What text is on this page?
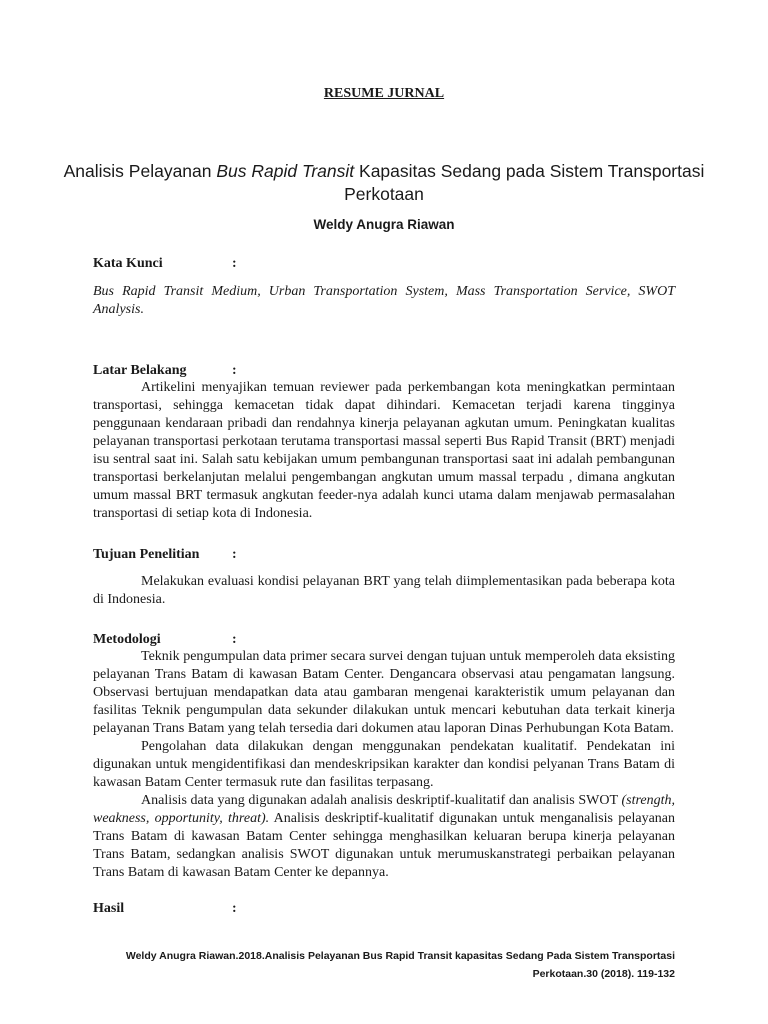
RESUME JURNAL
Analisis Pelayanan Bus Rapid Transit Kapasitas Sedang pada Sistem Transportasi Perkotaan
Weldy Anugra Riawan
Kata Kunci	:

Bus Rapid Transit Medium, Urban Transportation System, Mass Transportation Service, SWOT Analysis.

Latar Belakang	:

Artikelini menyajikan temuan reviewer pada perkembangan kota meningkatkan permintaan transportasi, sehingga kemacetan tidak dapat dihindari. Kemacetan terjadi karena tingginya penggunaan kendaraan pribadi dan rendahnya kinerja pelayanan agkutan umum. Peningkatan kualitas pelayanan transportasi perkotaan terutama transportasi massal seperti Bus Rapid Transit (BRT) menjadi isu sentral saat ini. Salah satu kebijakan umum pembangunan transportasi saat ini adalah pembangunan transportasi berkelanjutan melalui pengembangan angkutan umum massal terpadu , dimana angkutan umum massal BRT termasuk angkutan feeder-nya adalah kunci utama dalam menjawab permasalahan transportasi di setiap kota di Indonesia.

Tujuan Penelitian :

Melakukan evaluasi kondisi pelayanan BRT yang telah diimplementasikan pada beberapa kota di Indonesia.

Metodologi	:

Teknik pengumpulan data primer secara survei dengan tujuan untuk memperoleh data eksisting pelayanan Trans Batam di kawasan Batam Center. Dengancara observasi atau pengamatan langsung. Observasi bertujuan mendapatkan data atau gambaran mengenai karakteristik umum pelayanan dan fasilitas Teknik pengumpulan data sekunder dilakukan untuk mencari kebutuhan data terkait kinerja pelayanan Trans Batam yang telah tersedia dari dokumen atau laporan Dinas Perhubungan Kota Batam.

Pengolahan data dilakukan dengan menggunakan pendekatan kualitatif. Pendekatan ini digunakan untuk mengidentifikasi dan mendeskripsikan karakter dan kondisi pelyanan Trans Batam di kawasan Batam Center termasuk rute dan fasilitas terpasang.

Analisis data yang digunakan adalah analisis deskriptif-kualitatif dan analisis SWOT (strength, weakness, opportunity, threat). Analisis deskriptif-kualitatif digunakan untuk menganalisis pelayanan Trans Batam di kawasan Batam Center sehingga menghasilkan keluaran berupa kinerja pelayanan Trans Batam, sedangkan analisis SWOT digunakan untuk merumuskanstrategi perbaikan pelayanan Trans Batam di kawasan Batam Center ke depannya.

Hasil	:
Weldy Anugra Riawan.2018.Analisis Pelayanan Bus Rapid Transit kapasitas Sedang Pada Sistem Transportasi
Perkotaan.30 (2018). 119-132
